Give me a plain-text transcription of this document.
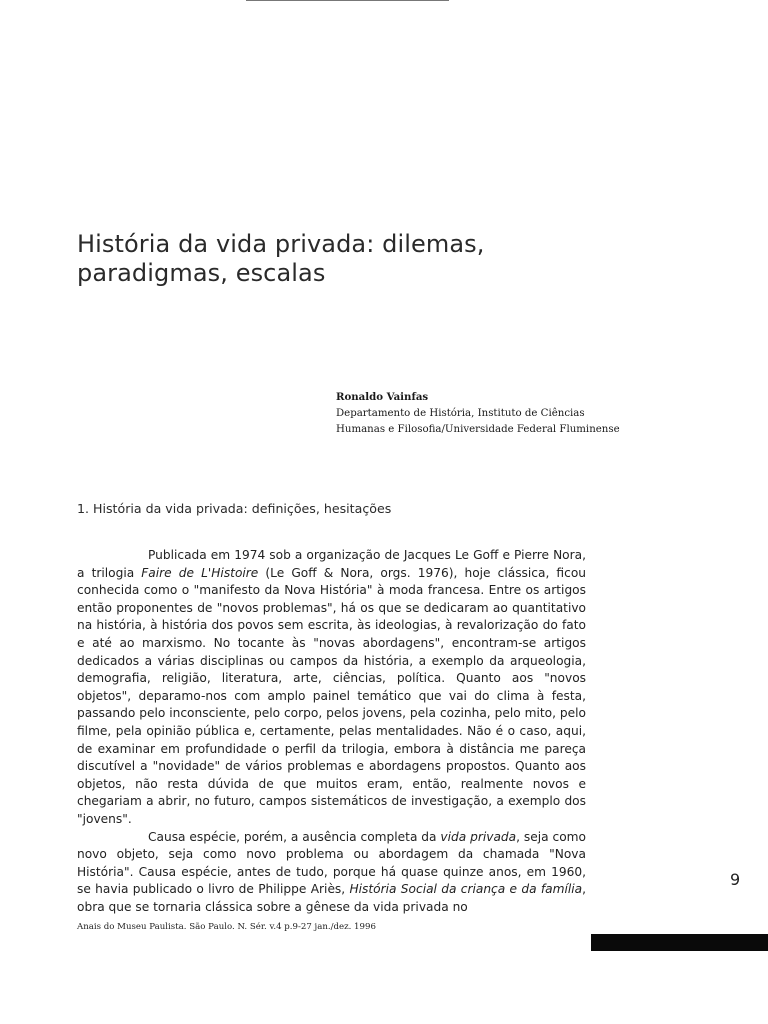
História da vida privada: dilemas,
paradigmas, escalas
Ronaldo Vainfas
Departamento de História, Instituto de Ciências
Humanas e Filosofia/Universidade Federal Fluminense
1. História da vida privada: definições, hesitações

Publicada em 1974 sob a organização de Jacques Le Goff e Pierre Nora, a trilogia Faire de L'Histoire (Le Goff & Nora, orgs. 1976), hoje clássica, ficou conhecida como o "manifesto da Nova História" à moda francesa. Entre os artigos então proponentes de "novos problemas", há os que se dedicaram ao quantitativo na história, à história dos povos sem escrita, às ideologias, à revalorização do fato e até ao marxismo. No tocante às "novas abordagens", encontram-se artigos dedicados a várias disciplinas ou campos da história, a exemplo da arqueologia, demografia, religião, literatura, arte, ciências, política. Quanto aos "novos objetos", deparamo-nos com amplo painel temático que vai do clima à festa, passando pelo inconsciente, pelo corpo, pelos jovens, pela cozinha, pelo mito, pelo filme, pela opinião pública e, certamente, pelas mentalidades. Não é o caso, aqui, de examinar em profundidade o perfil da trilogia, embora à distância me pareça discutível a "novidade" de vários problemas e abordagens propostos. Quanto aos objetos, não resta dúvida de que muitos eram, então, realmente novos e chegariam a abrir, no futuro, campos sistemáticos de investigação, a exemplo dos "jovens".

Causa espécie, porém, a ausência completa da vida privada, seja como novo objeto, seja como novo problema ou abordagem da chamada "Nova História". Causa espécie, antes de tudo, porque há quase quinze anos, em 1960, se havia publicado o livro de Philippe Ariès, História Social da criança e da família, obra que se tornaria clássica sobre a gênese da vida privada no

9
Anais do Museu Paulista. São Paulo. N. Sér. v.4 p.9-27 jan./dez. 1996
